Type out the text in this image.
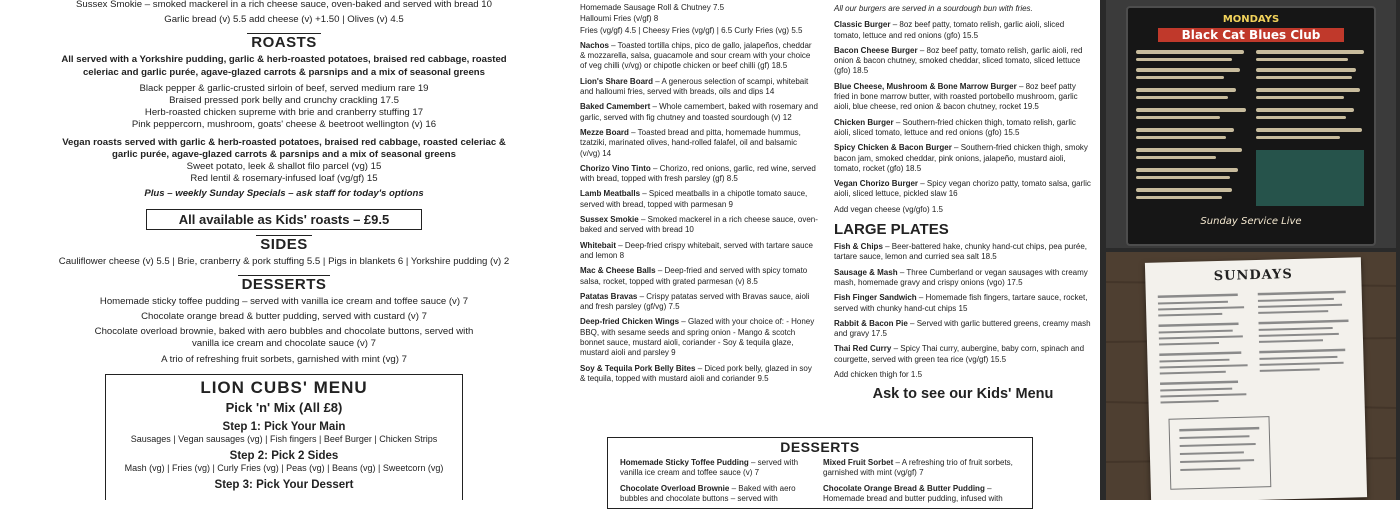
Sussex Smokie – smoked mackerel in a rich cheese sauce, oven-baked and served with bread 10

Garlic bread (v) 5.5 add cheese (v) +1.50 | Olives (v) 4.5

ROASTS

All served with a Yorkshire pudding, garlic & herb-roasted potatoes, braised red cabbage, roasted celeriac and garlic purée, agave-glazed carrots & parsnips and a mix of seasonal greens

Black pepper & garlic-crusted sirloin of beef, served medium rare 19

Braised pressed pork belly and crunchy crackling 17.5

Herb-roasted chicken supreme with brie and cranberry stuffing 17

Pink peppercorn, mushroom, goats' cheese & beetroot wellington (v) 16

Vegan roasts served with garlic & herb-roasted potatoes, braised red cabbage, roasted celeriac & garlic purée, agave-glazed carrots & parsnips and a mix of seasonal greens

Sweet potato, leek & shallot filo parcel (vg) 15

Red lentil & rosemary-infused loaf (vg/gf) 15

Plus – weekly Sunday Specials – ask staff for today's options

All available as Kids' roasts – £9.5
SIDES

Cauliflower cheese (v) 5.5 | Brie, cranberry & pork stuffing 5.5 | Pigs in blankets 6 | Yorkshire pudding (v) 2

DESSERTS

Homemade sticky toffee pudding – served with vanilla ice cream and toffee sauce (v) 7

Chocolate orange bread & butter pudding, served with custard (v) 7

Chocolate overload brownie, baked with aero bubbles and chocolate buttons, served with vanilla ice cream and chocolate sauce (v) 7

A trio of refreshing fruit sorbets, garnished with mint (vg) 7

LION CUBS' MENU
Pick 'n' Mix (All £8)
Step 1: Pick Your Main
Sausages | Vegan sausages (vg) | Fish fingers | Beef Burger | Chicken Strips
Step 2: Pick 2 Sides
Mash (vg) | Fries (vg) | Curly Fries (vg) | Peas (vg) | Beans (vg) | Sweetcorn (vg)
Step 3: Pick Your Dessert

Homemade Sausage Roll & Chutney 7.5

Halloumi Fries (v/gf) 8

Fries (vg/gf) 4.5 | Cheesy Fries (vg/gf) | 6.5 Curly Fries (vg) 5.5

Nachos – Toasted tortilla chips, pico de gallo, jalapeños, cheddar & mozzarella, salsa, guacamole and sour cream with your choice of veg chilli (v/vg) or chipotle chicken or beef chilli (gf) 18.5

Lion's Share Board – A generous selection of scampi, whitebait and halloumi fries, served with breads, oils and dips 14

Baked Camembert – Whole camembert, baked with rosemary and garlic, served with fig chutney and toasted sourdough (v) 12

Mezze Board – Toasted bread and pitta, homemade hummus, tzatziki, marinated olives, hand-rolled falafel, oil and balsamic (v/vg) 14

Chorizo Vino Tinto – Chorizo, red onions, garlic, red wine, served with bread, topped with fresh parsley (gf) 8.5

Lamb Meatballs – Spiced meatballs in a chipotle tomato sauce, served with bread, topped with parmesan 9

Sussex Smokie – Smoked mackerel in a rich cheese sauce, oven-baked and served with bread 10

Whitebait – Deep-fried crispy whitebait, served with tartare sauce and lemon 8

Mac & Cheese Balls – Deep-fried and served with spicy tomato salsa, rocket, topped with grated parmesan (v) 8.5

Patatas Bravas – Crispy patatas served with Bravas sauce, aioli and fresh parsley (gf/vg) 7.5

Deep-fried Chicken Wings – Glazed with your choice of: - Honey BBQ, with sesame seeds and spring onion - Mango & scotch bonnet sauce, mustard aioli, coriander - Soy & tequila glaze, mustard aioli and parsley 9

Soy & Tequila Pork Belly Bites – Diced pork belly, glazed in soy & tequila, topped with mustard aioli and coriander 9.5

All our burgers are served in a sourdough bun with fries.

Classic Burger – 8oz beef patty, tomato relish, garlic aioli, sliced tomato, lettuce and red onions (gfo) 15.5

Bacon Cheese Burger – 8oz beef patty, tomato relish, garlic aioli, red onion & bacon chutney, smoked cheddar, sliced tomato, sliced lettuce (gfo) 18.5

Blue Cheese, Mushroom & Bone Marrow Burger – 8oz beef patty fried in bone marrow butter, with roasted portobello mushroom, garlic aioli, blue cheese, red onion & bacon chutney, rocket 19.5

Chicken Burger – Southern-fried chicken thigh, tomato relish, garlic aioli, sliced tomato, lettuce and red onions (gfo) 15.5

Spicy Chicken & Bacon Burger – Southern-fried chicken thigh, smoky bacon jam, smoked cheddar, pink onions, jalapeño, mustard aioli, tomato, rocket (gfo) 18.5

Vegan Chorizo Burger – Spicy vegan chorizo patty, tomato salsa, garlic aioli, sliced lettuce, pickled slaw 16

Add vegan cheese (vg/gfo) 1.5

LARGE PLATES

Fish & Chips – Beer-battered hake, chunky hand-cut chips, pea purée, tartare sauce, lemon and curried sea salt 18.5

Sausage & Mash – Three Cumberland or vegan sausages with creamy mash, homemade gravy and crispy onions (vgo) 17.5

Fish Finger Sandwich – Homemade fish fingers, tartare sauce, rocket, served with chunky hand-cut chips 15

Rabbit & Bacon Pie – Served with garlic buttered greens, creamy mash and gravy 17.5

Thai Red Curry – Spicy Thai curry, aubergine, baby corn, spinach and courgette, served with green tea rice (vg/gf) 15.5

Add chicken thigh for 1.5

Ask to see our Kids' Menu
DESSERTS

Homemade Sticky Toffee Pudding – served with vanilla ice cream and toffee sauce (v) 7

Chocolate Overload Brownie – Baked with aero bubbles and chocolate buttons – served with

Mixed Fruit Sorbet – A refreshing trio of fruit sorbets, garnished with mint (vg/gf) 7

Chocolate Orange Bread & Butter Pudding – Homemade bread and butter pudding, infused with

MONDAYS
Black Cat Blues Club
Sunday Service Live
SUNDAYS
